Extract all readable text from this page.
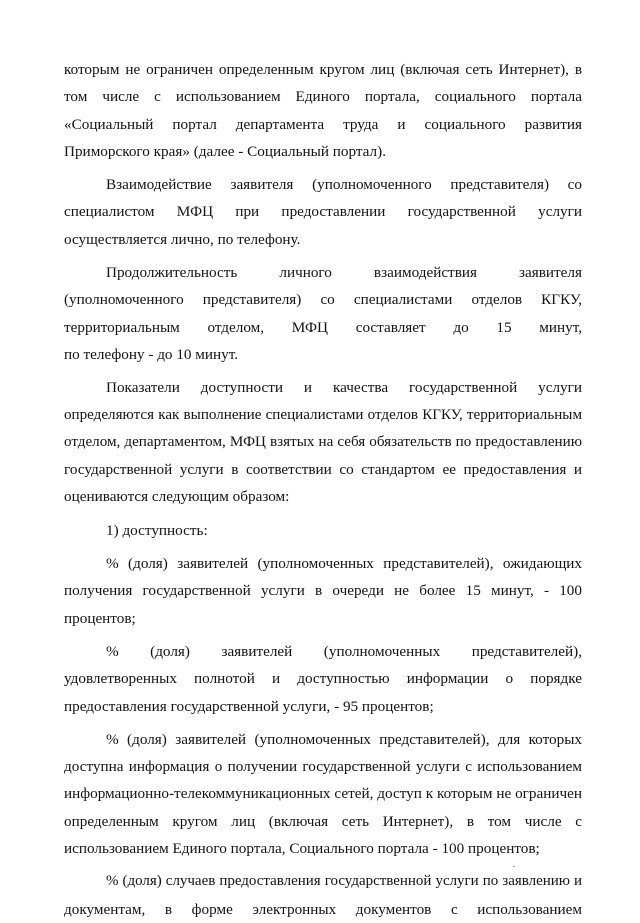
которым не ограничен определенным кругом лиц (включая сеть Интернет), в
том числе с использованием Единого портала, социального портала
«Социальный портал департамента труда и социального развития
Приморского края» (далее - Социальный портал).

Взаимодействие заявителя (уполномоченного представителя) со
специалистом МФЦ при предоставлении государственной услуги
осуществляется лично, по телефону.

Продолжительность личного взаимодействия заявителя
(уполномоченного представителя) со специалистами отделов КГКУ,
территориальным отделом, МФЦ составляет до 15 минут,
по телефону - до 10 минут.

Показатели доступности и качества государственной услуги
определяются как выполнение специалистами отделов КГКУ, территориальным
отделом, департаментом, МФЦ взятых на себя обязательств по предоставлению
государственной услуги в соответствии со стандартом ее предоставления и
оцениваются следующим образом:

1) доступность:

% (доля) заявителей (уполномоченных представителей), ожидающих
получения государственной услуги в очереди не более 15 минут, - 100
процентов;

% (доля) заявителей (уполномоченных представителей),
удовлетворенных полнотой и доступностью информации о порядке
предоставления государственной услуги, - 95 процентов;

% (доля) заявителей (уполномоченных представителей), для которых
доступна информация о получении государственной услуги с использованием
информационно-телекоммуникационных сетей, доступ к которым не ограничен
определенным кругом лиц (включая сеть Интернет), в том числе с
использованием Единого портала, Социального портала - 100 процентов;

% (доля) случаев предоставления государственной услуги по заявлению и
документам, в форме электронных документов с использованием
